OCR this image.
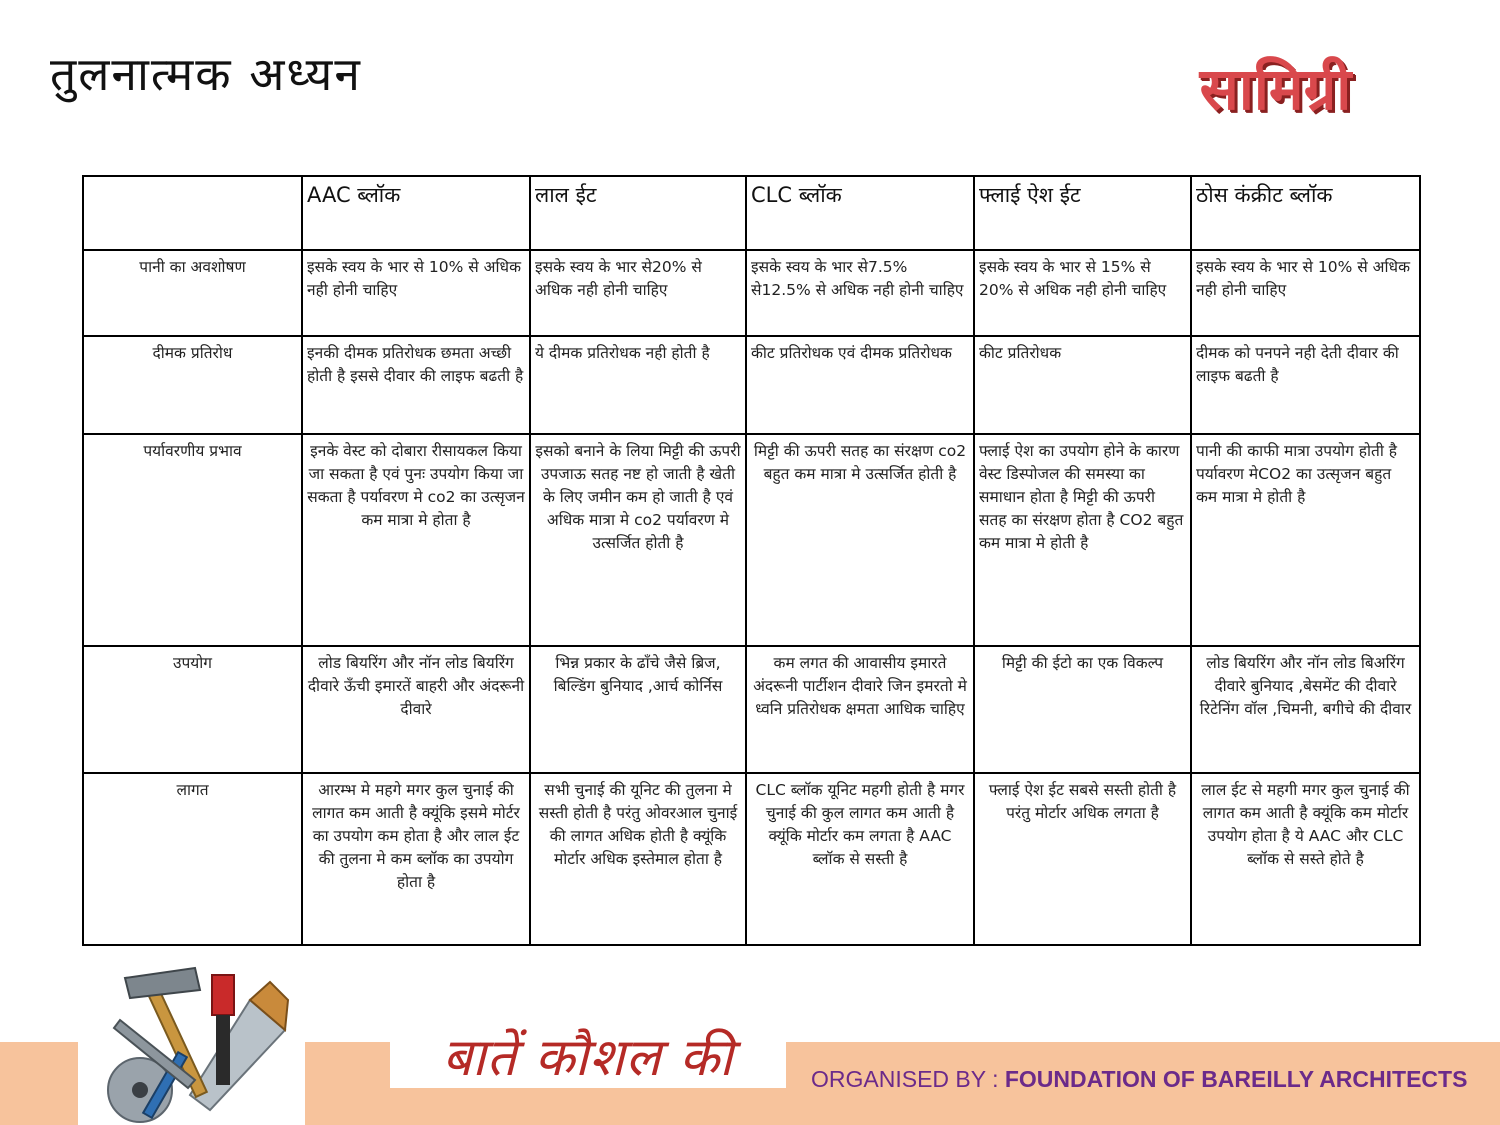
तुलनात्मक अध्यन	सामिग्री
	AAC ब्लॉक	लाल ईट	CLC ब्लॉक	फ्लाई ऐश ईट	ठोस कंक्रीट ब्लॉक
पानी का अवशोषण	इसके स्वय के भार से 10% से अधिक नही होनी चाहिए	इसके स्वय के भार से20% से अधिक नही होनी चाहिए	इसके स्वय के भार से7.5% से12.5% से अधिक नही होनी चाहिए	इसके स्वय के भार से 15% से 20% से अधिक नही होनी चाहिए	इसके स्वय के भार से 10% से अधिक नही होनी चाहिए
दीमक प्रतिरोध	इनकी दीमक प्रतिरोधक छमता अच्छी होती है इससे दीवार की लाइफ बढती है	ये दीमक प्रतिरोधक नही होती है	कीट प्रतिरोधक एवं दीमक प्रतिरोधक	कीट प्रतिरोधक	दीमक को पनपने नही देती दीवार की लाइफ बढती है
पर्यावरणीय प्रभाव	इनके वेस्ट को दोबारा रीसायकल किया जा सकता है एवं पुनः उपयोग किया जा सकता है पर्यावरण मे co2 का उत्सृजन कम मात्रा मे होता है	इसको बनाने के लिया मिट्टी की ऊपरी उपजाऊ सतह नष्ट हो जाती है खेती के लिए जमीन कम हो जाती है एवं अधिक मात्रा मे co2 पर्यावरण मे उत्सर्जित होती है	मिट्टी की ऊपरी सतह का संरक्षण co2 बहुत कम मात्रा मे उत्सर्जित होती है	फ्लाई ऐश का उपयोग होने के कारण वेस्ट डिस्पोजल की समस्या का समाधान होता है मिट्टी की ऊपरी सतह का संरक्षण होता है CO2 बहुत कम मात्रा मे होती है	पानी की काफी मात्रा उपयोग होती है पर्यावरण मेCO2 का उत्सृजन बहुत कम मात्रा मे होती है
उपयोग	लोड बियरिंग और नॉन लोड बियरिंग दीवारे ऊँची इमारतें बाहरी और अंदरूनी दीवारे	भिन्न प्रकार के ढाँचे जैसे ब्रिज, बिल्डिंग बुनियाद ,आर्च कोर्निस	कम लगत की आवासीय इमारते अंदरूनी पार्टीशन दीवारे जिन इमरतो मे ध्वनि प्रतिरोधक क्षमता आधिक चाहिए	मिट्टी की ईटो का एक विकल्प	लोड बियरिंग और नॉन लोड बिअरिंग दीवारे बुनियाद ,बेसमेंट की दीवारे रिटेनिंग वॉल ,चिमनी, बगीचे की दीवार
लागत	आरम्भ मे महगे मगर कुल चुनाई की लागत कम आती है क्यूंकि इसमे मोर्टर का उपयोग कम होता है और लाल ईट की तुलना मे कम ब्लॉक का उपयोग होता है	सभी चुनाई की यूनिट की तुलना मे सस्ती होती है परंतु ओवरआल चुनाई की लागत अधिक होती है क्यूंकि मोर्टार अधिक इस्तेमाल होता है	CLC ब्लॉक यूनिट महगी होती है मगर चुनाई की कुल लागत कम आती है क्यूंकि मोर्टार कम लगता है AAC ब्लॉक से सस्ती है	फ्लाई ऐश ईट सबसे सस्ती होती है परंतु मोर्टार अधिक लगता है	लाल ईट से महगी मगर कुल चुनाई की लागत कम आती है क्यूंकि कम मोर्टार उपयोग होता है ये AAC और CLC ब्लॉक से सस्ते होते है
बातें कौशल की	ORGANISED BY : FOUNDATION OF BAREILLY ARCHITECTS
